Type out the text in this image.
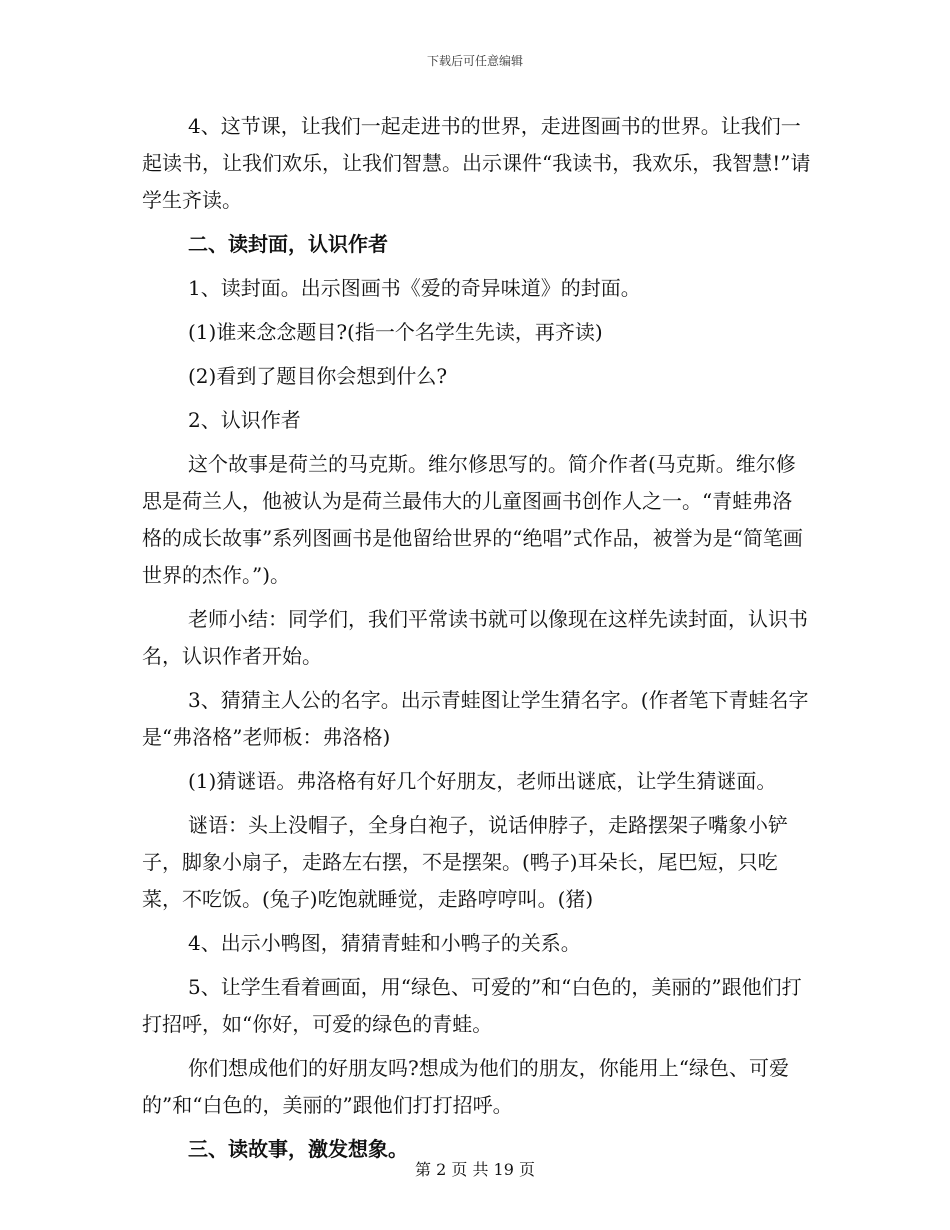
下载后可任意编辑

4、这节课，让我们一起走进书的世界，走进图画书的世界。让我们一起读书，让我们欢乐，让我们智慧。出示课件“我读书，我欢乐，我智慧!”请学生齐读。

二、读封面，认识作者

1、读封面。出示图画书《爱的奇异味道》的封面。

(1)谁来念念题目?(指一个名学生先读，再齐读)

(2)看到了题目你会想到什么?

2、认识作者

这个故事是荷兰的马克斯。维尔修思写的。简介作者(马克斯。维尔修思是荷兰人，他被认为是荷兰最伟大的儿童图画书创作人之一。“青蛙弗洛格的成长故事”系列图画书是他留给世界的“绝唱”式作品，被誉为是“简笔画世界的杰作。”)。

老师小结：同学们，我们平常读书就可以像现在这样先读封面，认识书名，认识作者开始。

3、猜猜主人公的名字。出示青蛙图让学生猜名字。(作者笔下青蛙名字是“弗洛格”老师板：弗洛格)

(1)猜谜语。弗洛格有好几个好朋友，老师出谜底，让学生猜谜面。

谜语：头上没帽子，全身白袍子，说话伸脖子，走路摆架子嘴象小铲子，脚象小扇子，走路左右摆，不是摆架。(鸭子)耳朵长，尾巴短，只吃菜，不吃饭。(兔子)吃饱就睡觉，走路哼哼叫。(猪)

4、出示小鸭图，猜猜青蛙和小鸭子的关系。

5、让学生看着画面，用“绿色、可爱的”和“白色的，美丽的”跟他们打打招呼，如“你好，可爱的绿色的青蛙。

你们想成他们的好朋友吗?想成为他们的朋友，你能用上“绿色、可爱的”和“白色的，美丽的”跟他们打打招呼。

三、读故事，激发想象。

第 2 页 共 19 页
